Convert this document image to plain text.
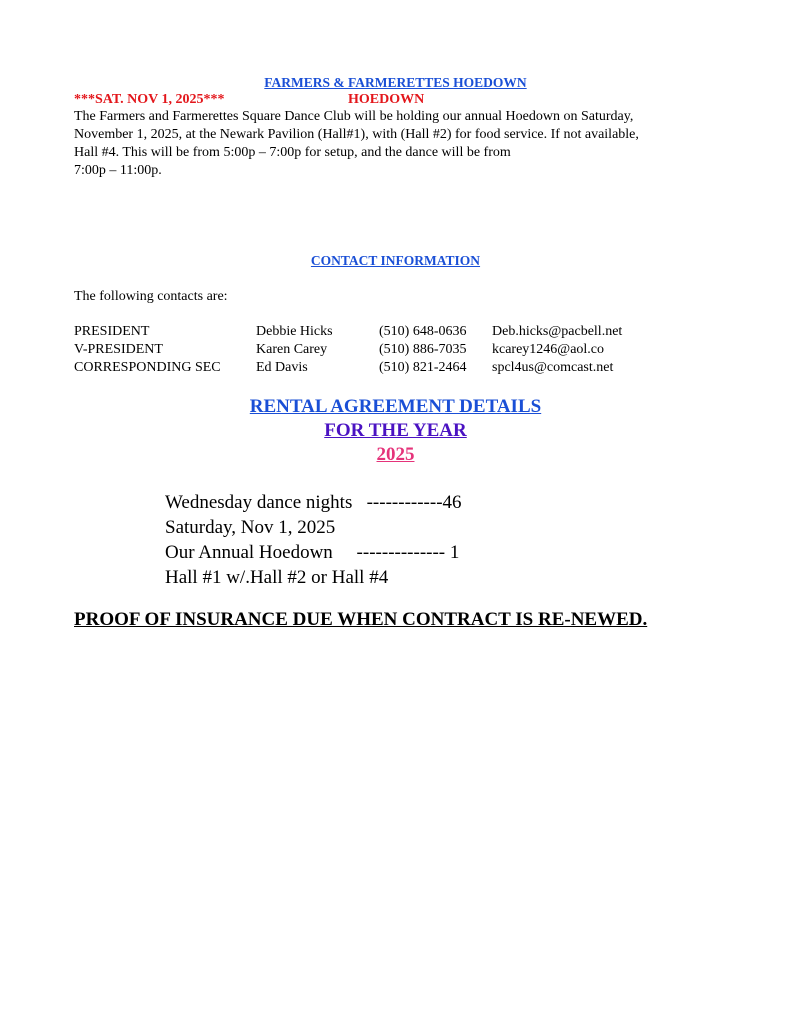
FARMERS & FARMERETTES HOEDOWN
***SAT. NOV 1, 2025***	HOEDOWN
The Farmers and Farmerettes Square Dance Club will be holding our annual Hoedown on Saturday,
November 1, 2025, at the Newark Pavilion (Hall#1), with (Hall #2) for food service. If not available,
Hall #4. This will be from 5:00p – 7:00p for setup, and the dance will be from
7:00p – 11:00p.
CONTACT INFORMATION
The following contacts are:
PRESIDENT	Debbie Hicks	(510) 648-0636 Deb.hicks@pacbell.net
V-PRESIDENT	Karen Carey	(510) 886-7035 kcarey1246@aol.co
CORRESPONDING SEC	Ed Davis	(510) 821-2464 spcl4us@comcast.net
RENTAL AGREEMENT DETAILS
FOR THE YEAR
2025
Wednesday dance nights   ------------46
Saturday, Nov 1, 2025
Our Annual Hoedown     -------------- 1
Hall #1 w/.Hall #2 or Hall #4
PROOF OF INSURANCE DUE WHEN CONTRACT IS RE-NEWED.
